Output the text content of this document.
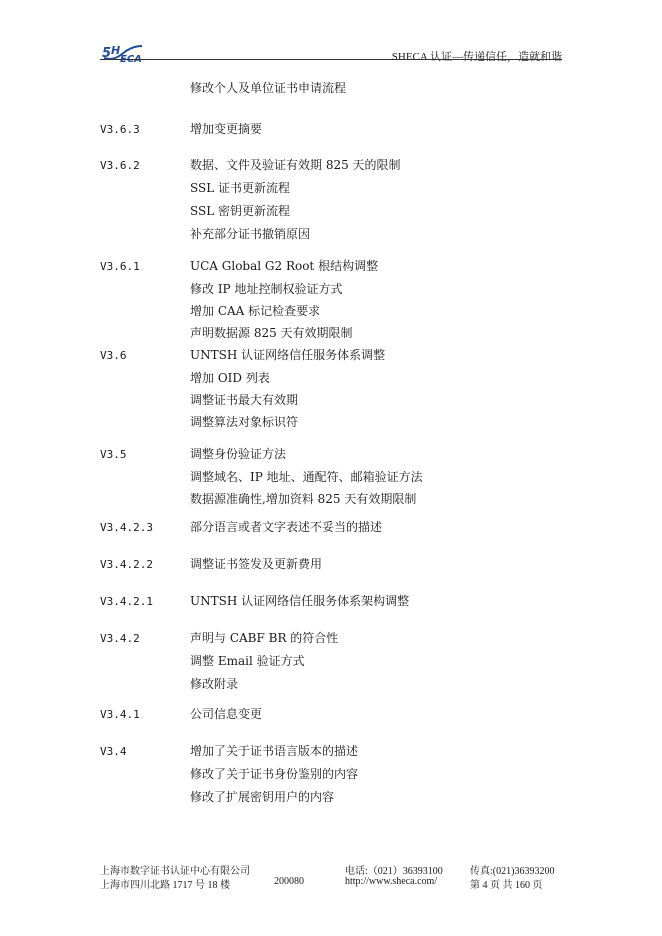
5 H
ECA	SHECA 认证—传递信任，造就和谐
修改个人及单位证书申请流程
V3.6.3	增加变更摘要
V3.6.2	数据、文件及验证有效期 825 天的限制
SSL 证书更新流程
SSL 密钥更新流程
补充部分证书撤销原因
V3.6.1	UCA Global G2 Root 根结构调整
修改 IP 地址控制权验证方式
增加 CAA 标记检查要求
声明数据源 825 天有效期限制
V3.6	UNTSH 认证网络信任服务体系调整
增加 OID 列表
调整证书最大有效期
调整算法对象标识符
V3.5	调整身份验证方法
调整域名、IP 地址、通配符、邮箱验证方法
数据源准确性,增加资料 825 天有效期限制
V3.4.2.3	部分语言或者文字表述不妥当的描述
V3.4.2.2	调整证书签发及更新费用
V3.4.2.1	UNTSH 认证网络信任服务体系架构调整
V3.4.2	声明与 CABF BR 的符合性
调整 Email 验证方式
修改附录
V3.4.1	公司信息变更
V3.4	增加了关于证书语言版本的描述
修改了关于证书身份鉴别的内容
修改了扩展密钥用户的内容
上海市数字证书认证中心有限公司
上海市四川北路 1717 号 18 楼	200080
电话:（021）36393100
http://www.sheca.com/
传真:(021)36393200
第 4 页 共 160 页
